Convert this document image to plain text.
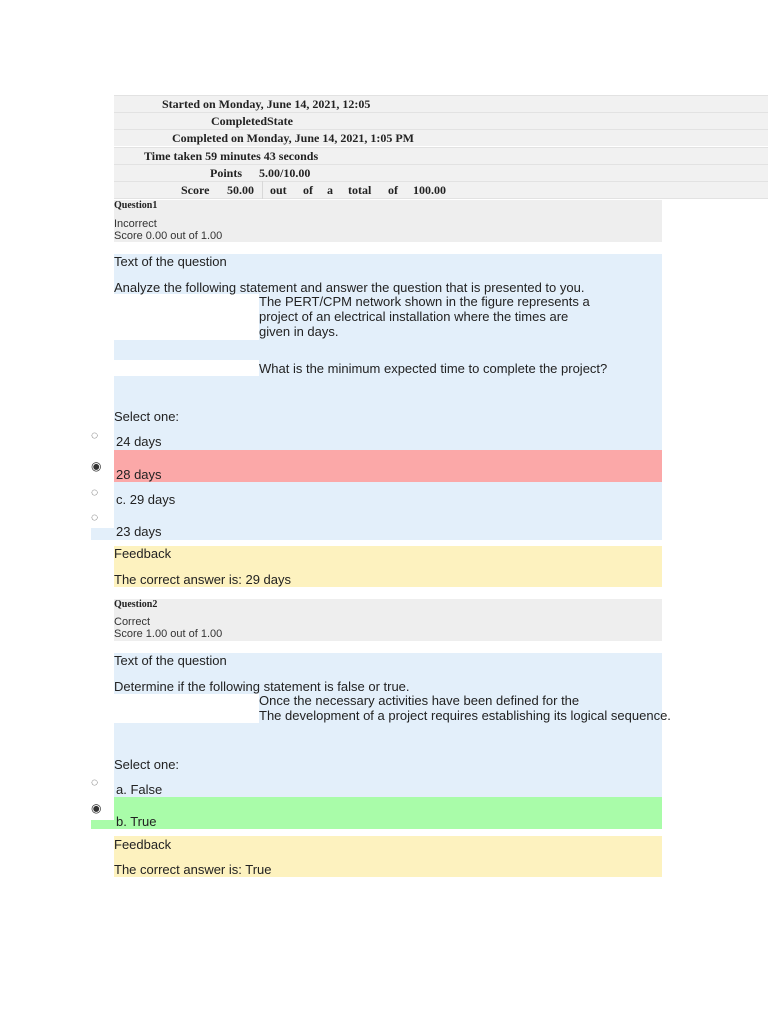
Started on Monday, June 14, 2021, 12:05

CompletedState

Completed on Monday, June 14, 2021, 1:05 PM

Time taken 59 minutes 43 seconds

Points

5.00/10.00

Score

50.00

out

of

a

total

of

100.00

Question1
Incorrect
Score 0.00 out of 1.00
Text of the question
Analyze the following statement and answer the question that is presented to you.
The PERT/CPM network shown in the figure represents a
project of an electrical installation where the times are
given in days.
What is the minimum expected time to complete the project?
Select one:
24 days
◌
28 days
◉
c. 29 days
◌
23 days
◌
Feedback
The correct answer is: 29 days
Question2
Correct
Score 1.00 out of 1.00
Text of the question
Determine if the following statement is false or true.
Once the necessary activities have been defined for the
The development of a project requires establishing its logical sequence.
Select one:
a. False
◌
b. True
◉
Feedback
The correct answer is: True
